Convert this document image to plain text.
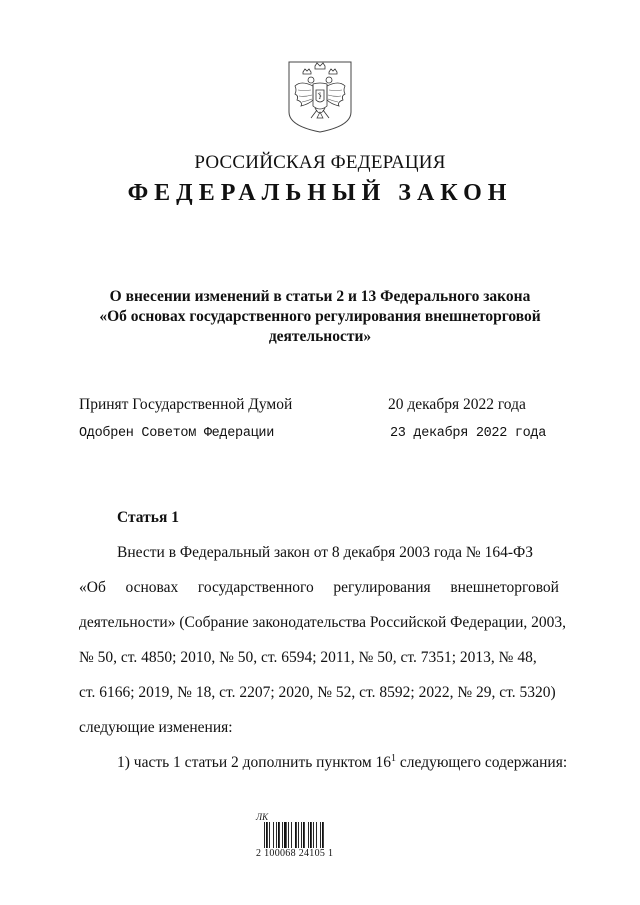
РОССИЙСКАЯ ФЕДЕРАЦИЯ
ФЕДЕРАЛЬНЫЙ ЗАКОН
О внесении изменений в статьи 2 и 13 Федерального закона
«Об основах государственного регулирования внешнеторговой
деятельности»
Принят Государственной Думой	20 декабря 2022 года
Одобрен Советом Федерации	23 декабря 2022 года
Статья 1
Внести в Федеральный закон от 8 декабря 2003 года № 164-ФЗ
«Об основах государственного регулирования внешнеторговой
деятельности» (Собрание законодательства Российской Федерации, 2003,
№ 50, ст. 4850; 2010, № 50, ст. 6594; 2011, № 50, ст. 7351; 2013, № 48,
ст. 6166; 2019, № 18, ст. 2207; 2020, № 52, ст. 8592; 2022, № 29, ст. 5320)
следующие изменения:
1) часть 1 статьи 2 дополнить пунктом $16^1$ следующего содержания:
ЛК
2 100068 24105 1
